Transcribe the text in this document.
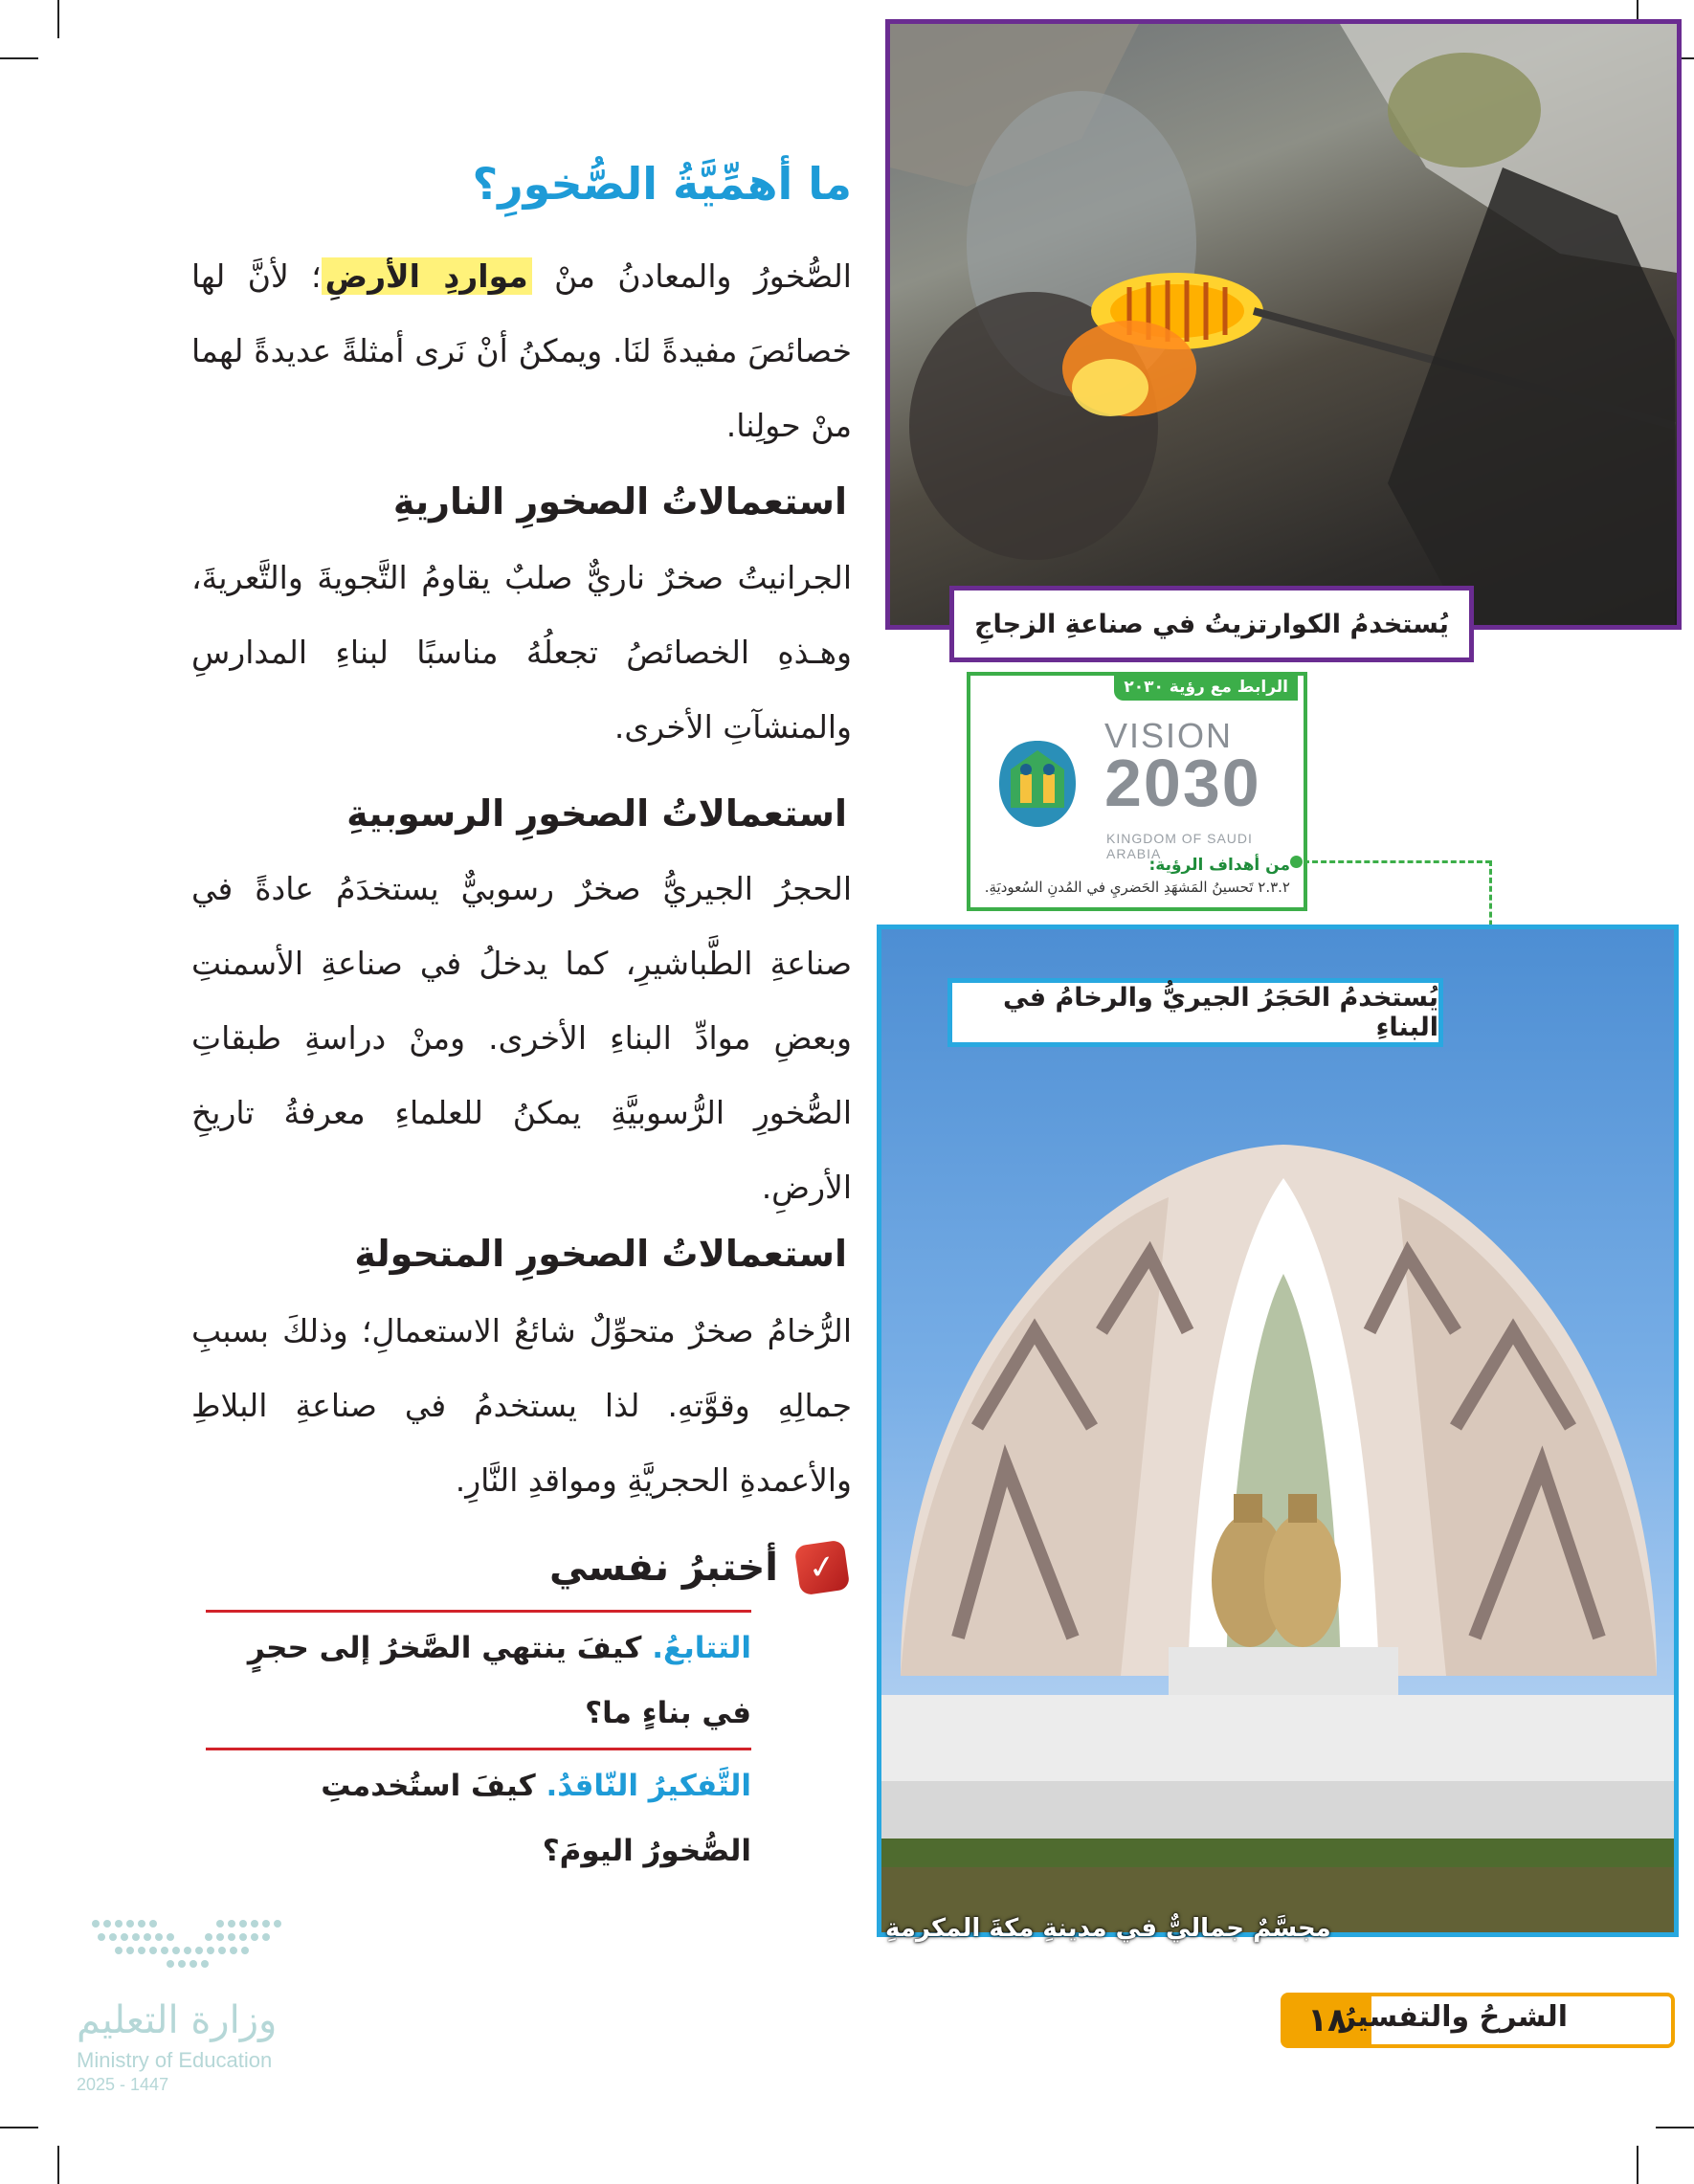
ما أهمِّيَّةُ الصُّخورِ؟
الصُّخورُ والمعادنُ منْ مواردِ الأرضِ؛ لأنَّ لها خصائصَ مفيدةً لنَا. ويمكنُ أنْ نَرى أمثلةً عديدةً لهما منْ حولِنا.
استعمالاتُ الصخورِ الناريةِ
الجرانيتُ صخرٌ ناريٌّ صلبٌ يقاومُ التَّجويةَ والتَّعريةَ، وهـذهِ الخصائصُ تجعلُهُ مناسبًا لبناءِ المدارسِ والمنشآتِ الأخرى.
استعمالاتُ الصخورِ الرسوبيةِ
الحجرُ الجيريُّ صخرٌ رسوبيٌّ يستخدَمُ عادةً في صناعةِ الطَّباشيرِ، كما يدخلُ في صناعةِ الأسمنتِ وبعضِ موادِّ البناءِ الأخرى. ومنْ دراسةِ طبقاتِ الصُّخورِ الرُّسوبيَّةِ يمكنُ للعلماءِ معرفةُ تاريخِ الأرضِ.
استعمالاتُ الصخورِ المتحولةِ
الرُّخامُ صخرٌ متحوِّلٌ شائعُ الاستعمالِ؛ وذلكَ بسببِ جمالِهِ وقوَّتهِ. لذا يستخدمُ في صناعةِ البلاطِ والأعمدةِ الحجريَّةِ ومواقدِ النَّارِ.
✓
أختبرُ نفسي
التتابعُ. كيفَ ينتهي الصَّخرُ إلى حجرٍ في بناءٍ ما؟
التَّفكيرُ النّاقدُ. كيفَ استُخدمتِ الصُّخورُ اليومَ؟
يُستخدمُ الكوارتزيتُ في صناعةِ الزجاجِ
الرابط مع رؤية ٢٠٣٠
VISION
2030
KINGDOM OF SAUDI ARABIA
من أهداف الرؤية:
٢.٣.٢ تَحسينُ المَشهَدِ الحَضريِ في المُدنِ السُعوديَةِ.
يُستخدمُ الحَجَرُ الجيريُّ والرخامُ في البناءِ
مجسَّمٌ جماليٌّ في مدينةِ مكةَ المكرمةِ
١٨
الشرحُ والتفسيرُ
وزارة التعليم
Ministry of Education
2025 - 1447
